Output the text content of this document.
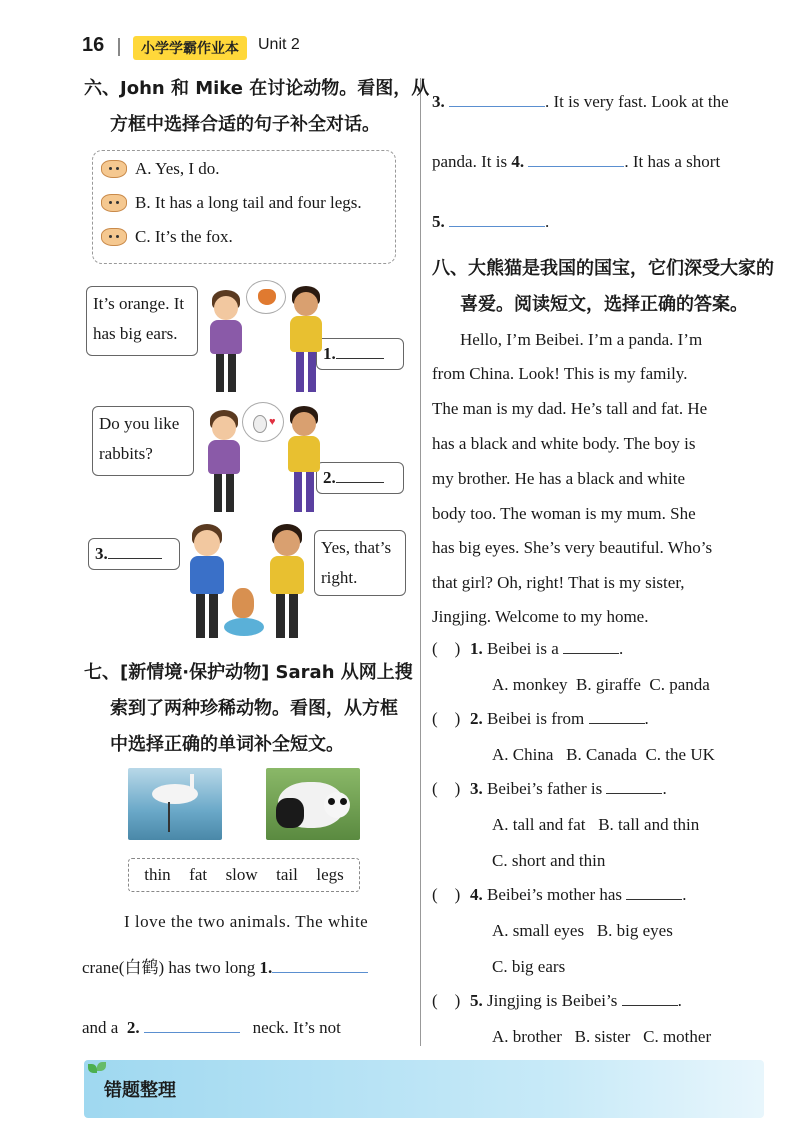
16	小学学霸作业本	Unit 2
六、John 和 Mike 在讨论动物。看图，从
方框中选择合适的句子补全对话。
A. Yes, I do.
B. It has a long tail and four legs.
C. It’s the fox.
It’s orange. It
has big ears.
1.
Do you like
rabbits?
2.
♥
3.	Yes, that’s
right.
七、[新情境·保护动物] Sarah 从网上搜
索到了两种珍稀动物。看图，从方框
中选择正确的单词补全短文。
thin fat slow tail legs
I love the two animals. The white
crane(白鹤) has two long 1.
and a 2.	neck. It’s not
3.	. It is very fast. Look at the
panda. It is 4.	. It has a short
5.	.
八、大熊猫是我国的国宝，它们深受大家的
喜爱。阅读短文，选择正确的答案。
Hello, I’m Beibei. I’m a panda. I’m
from China. Look! This is my family.
The man is my dad. He’s tall and fat. He
has a black and white body. The boy is
my brother. He has a black and white
body too. The woman is my mum. She
has big eyes. She’s very beautiful. Who’s
that girl? Oh, right! That is my sister,
Jingjing. Welcome to my home.
(    ) 1. Beibei is a	.
A. monkey B. giraffe C. panda
(    ) 2. Beibei is from	.
A. China B. Canada C. the UK
(    ) 3. Beibei’s father is	.
A. tall and fat B. tall and thin
C. short and thin
(    ) 4. Beibei’s mother has	.
A. small eyes B. big eyes
C. big ears
(    ) 5. Jingjing is Beibei’s	.
A. brother B. sister C. mother
错题整理
